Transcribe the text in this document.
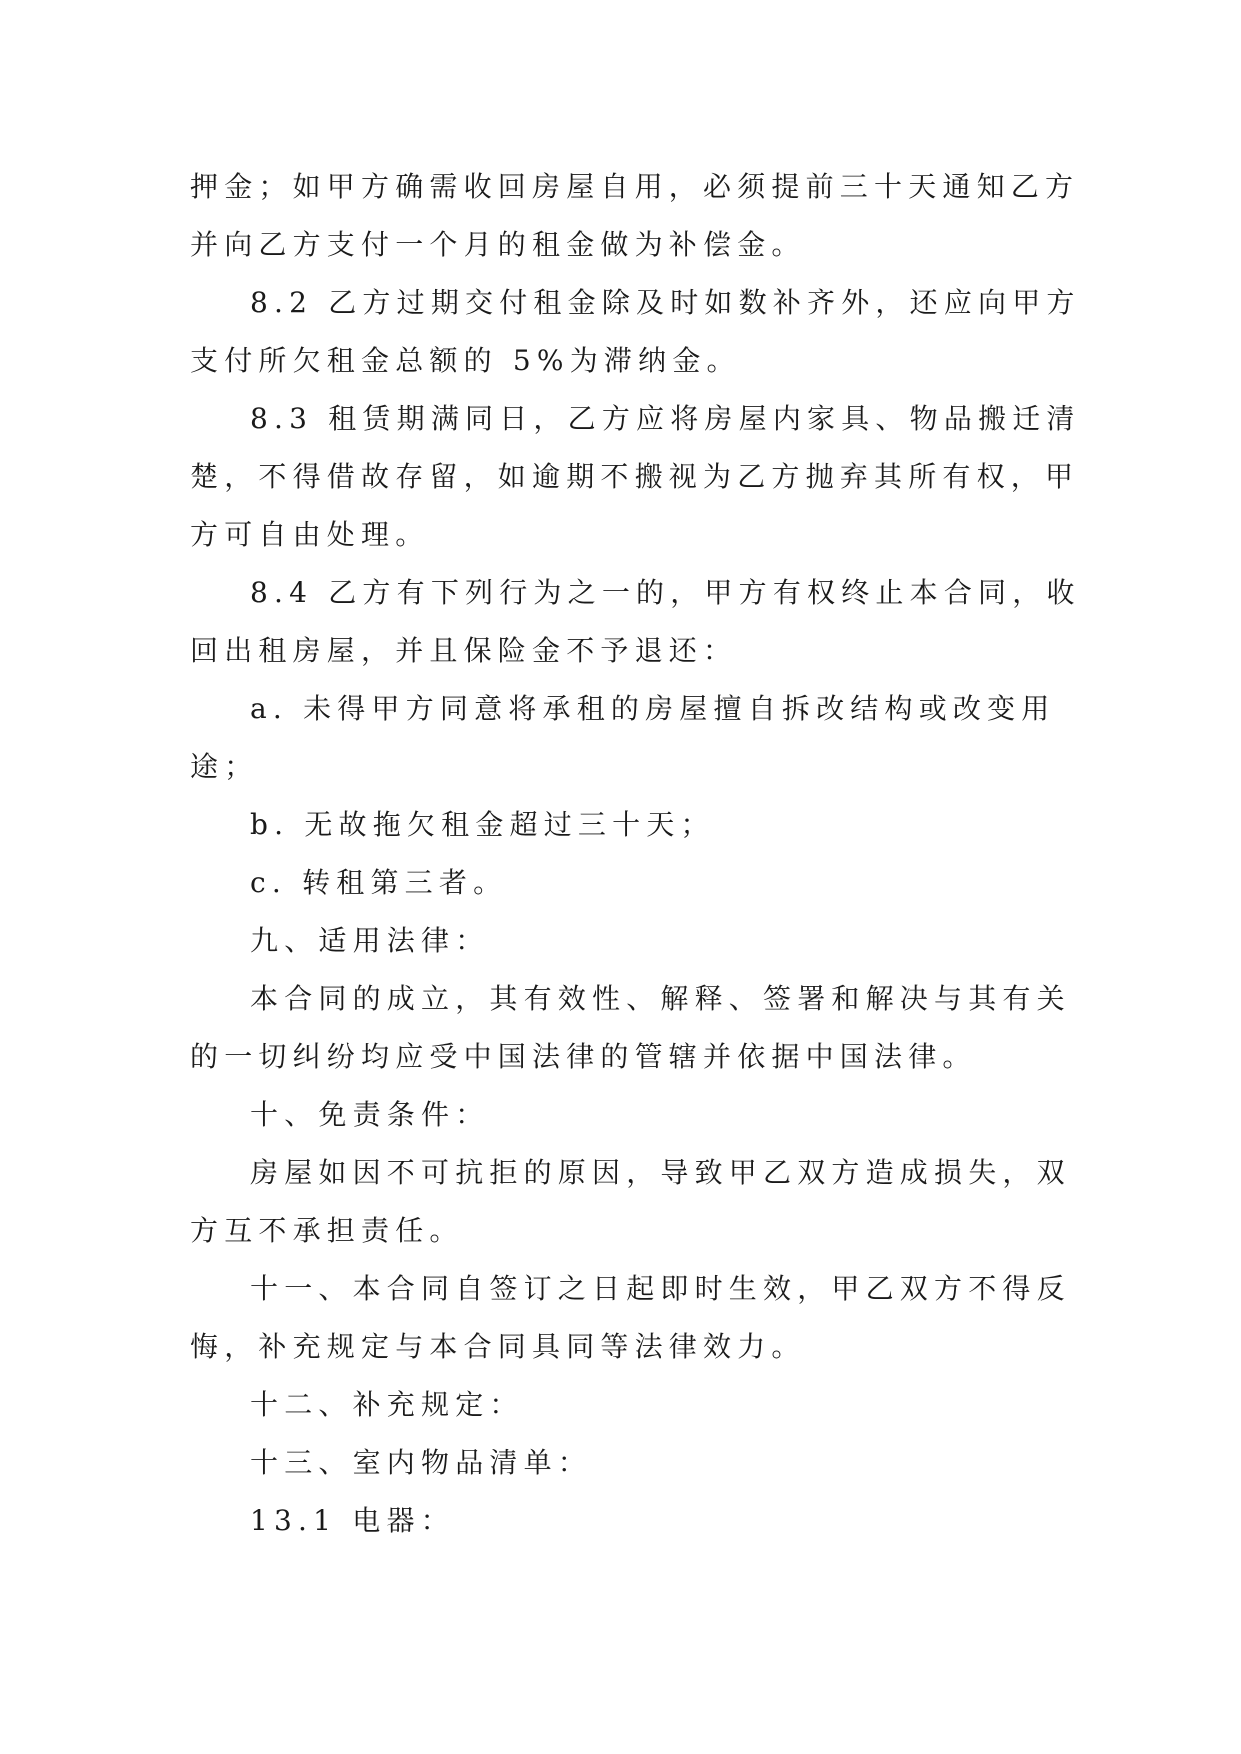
押金；如甲方确需收回房屋自用，必须提前三十天通知乙方
并向乙方支付一个月的租金做为补偿金。
8.2 乙方过期交付租金除及时如数补齐外，还应向甲方
支付所欠租金总额的 5%为滞纳金。
8.3 租赁期满同日，乙方应将房屋内家具、物品搬迁清
楚，不得借故存留，如逾期不搬视为乙方抛弃其所有权，甲
方可自由处理。
8.4 乙方有下列行为之一的，甲方有权终止本合同，收
回出租房屋，并且保险金不予退还：
a. 未得甲方同意将承租的房屋擅自拆改结构或改变用
途；
b. 无故拖欠租金超过三十天；
c. 转租第三者。
九、适用法律：
本合同的成立，其有效性、解释、签署和解决与其有关
的一切纠纷均应受中国法律的管辖并依据中国法律。
十、免责条件：
房屋如因不可抗拒的原因，导致甲乙双方造成损失，双
方互不承担责任。
十一、本合同自签订之日起即时生效，甲乙双方不得反
悔，补充规定与本合同具同等法律效力。
十二、补充规定：
十三、室内物品清单：
13.1 电器：
